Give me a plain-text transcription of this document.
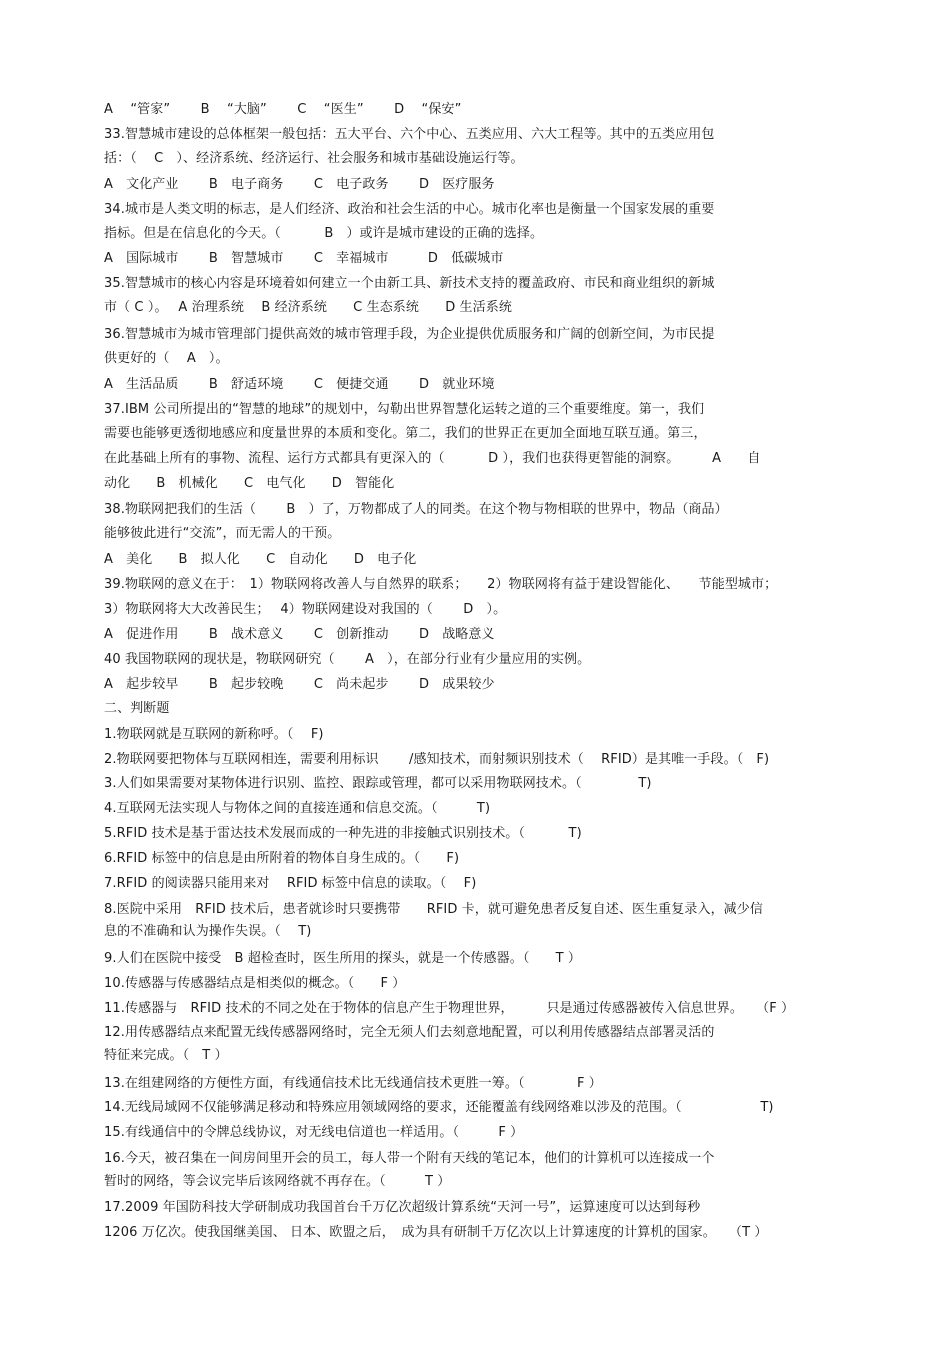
A　 “管家”　　 B　 “大脑”　　 C　 “医生”　　 D　 “保安”

33.智慧城市建设的总体框架一般包括：五大平台、六个中心、五类应用、六大工程等。其中的五类应用包

括：（　 C　）、经济系统、经济运行、社会服务和城市基础设施运行等。

A　文化产业　　 B　电子商务　　 C　电子政务　　 D　医疗服务

34.城市是人类文明的标志，是人们经济、政治和社会生活的中心。城市化率也是衡量一个国家发展的重要

指标。但是在信息化的今天。（　　　 B　）或许是城市建设的正确的选择。

A　国际城市　　 B　智慧城市　　 C　幸福城市　　　D　低碳城市

35.智慧城市的核心内容是环境着如何建立一个由新工具、新技术支持的覆盖政府、市民和商业组织的新城

市（ C ）。　 A 治理系统　 B 经济系统　　C 生态系统　　D 生活系统

36.智慧城市为城市管理部门提供高效的城市管理手段，为企业提供优质服务和广阔的创新空间，为市民提

供更好的（　 A　）。

A　生活品质　　 B　舒适环境　　 C　便捷交通　　 D　就业环境

37.IBM 公司所提出的“智慧的地球”的规划中，勾勒出世界智慧化运转之道的三个重要维度。第一，我们

需要也能够更透彻地感应和度量世界的本质和变化。第二，我们的世界正在更加全面地互联互通。第三，

在此基础上所有的事物、流程、运行方式都具有更深入的（　　　 D ），我们也获得更智能的洞察。　　　A　　自

动化　　B　机械化　　C　电气化　　D　智能化

38.物联网把我们的生活（　　 B　）了，万物都成了人的同类。在这个物与物相联的世界中，物品（商品）

能够彼此进行“交流”，而无需人的干预。

A　美化　　B　拟人化　　C　自动化　　D　电子化

39.物联网的意义在于：　1）物联网将改善人与自然界的联系；　　2）物联网将有益于建设智能化、　　节能型城市；

3）物联网将大大改善民生；　 4）物联网建设对我国的（　　 D　）。

A　促进作用　　 B　战术意义　　 C　创新推动　　 D　战略意义

40 我国物联网的现状是，物联网研究（　　 A　），在部分行业有少量应用的实例。

A　起步较早　　 B　起步较晚　　 C　尚未起步　　 D　成果较少

二、判断题

1.物联网就是互联网的新称呼。（　 F)

2.物联网要把物体与互联网相连，需要利用标识　　 /感知技术，而射频识别技术（　 RFID）是其唯一手段。（　F)

3.人们如果需要对某物体进行识别、监控、跟踪或管理，都可以采用物联网技术。（　　　　 T)

4.互联网无法实现人与物体之间的直接连通和信息交流。（　　　T)

5.RFID 技术是基于雷达技术发展而成的一种先进的非接触式识别技术。（　　　 T)

6.RFID 标签中的信息是由所附着的物体自身生成的。（　　F)

7.RFID 的阅读器只能用来对　 RFID 标签中信息的读取。（　 F)

8.医院中采用　RFID 技术后，患者就诊时只要携带　　RFID 卡，就可避免患者反复自述、医生重复录入，减少信

息的不准确和认为操作失误。（　 T)

9.人们在医院中接受　B 超检查时，医生所用的探头，就是一个传感器。（　　T ）

10.传感器与传感器结点是相类似的概念。（　　F ）

11.传感器与　RFID 技术的不同之处在于物体的信息产生于物理世界，　　　只是通过传感器被传入信息世界。　　（F ）

12.用传感器结点来配置无线传感器网络时，完全无须人们去刻意地配置，可以利用传感器结点部署灵活的

特征来完成。（　T ）

13.在组建网络的方便性方面，有线通信技术比无线通信技术更胜一筹。（　　　　F ）

14.无线局域网不仅能够满足移动和特殊应用领域网络的要求，还能覆盖有线网络难以涉及的范围。（　　　　　　T)

15.有线通信中的令牌总线协议，对无线电信道也一样适用。（　　　F ）

16.今天，被召集在一间房间里开会的员工，每人带一个附有天线的笔记本，他们的计算机可以连接成一个

暂时的网络，等会议完毕后该网络就不再存在。（　　　T ）

17.2009 年国防科技大学研制成功我国首台千万亿次超级计算系统“天河一号”，运算速度可以达到每秒

1206 万亿次。使我国继美国、 日本、欧盟之后，　成为具有研制千万亿次以上计算速度的计算机的国家。　　（T ）
